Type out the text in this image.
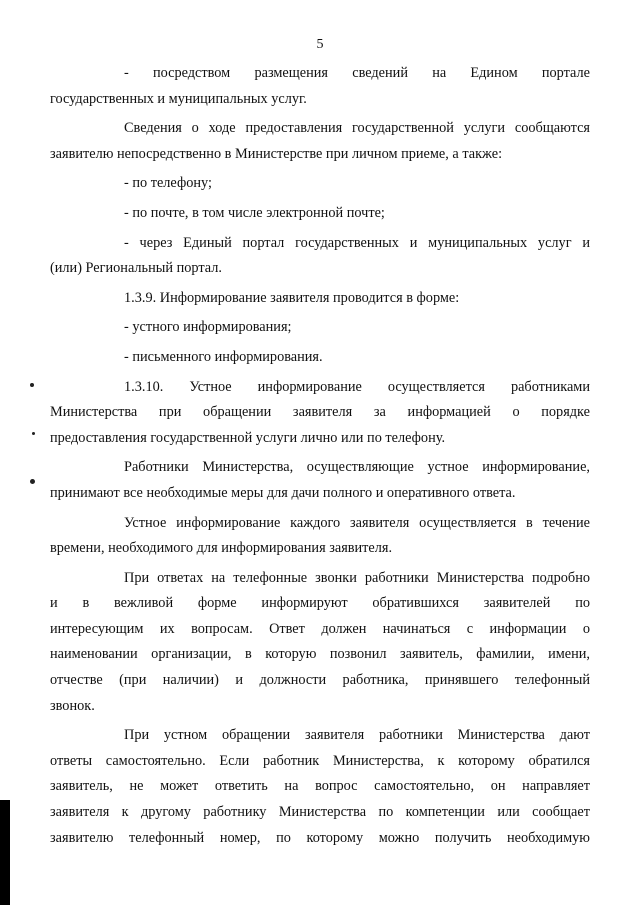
5
- посредством размещения сведений на Едином портале
государственных и муниципальных услуг.
Сведения о ходе предоставления государственной услуги сообщаются
заявителю непосредственно в Министерстве при личном приеме, а также:
- по телефону;
- по почте, в том числе электронной почте;
- через Единый портал государственных и муниципальных услуг и
(или) Региональный портал.
1.3.9. Информирование заявителя проводится в форме:
- устного информирования;
- письменного информирования.
1.3.10. Устное информирование осуществляется работниками
Министерства при обращении заявителя за информацией о порядке
предоставления государственной услуги лично или по телефону.
Работники Министерства, осуществляющие устное информирование,
принимают все необходимые меры для дачи полного и оперативного ответа.
Устное информирование каждого заявителя осуществляется в течение
времени, необходимого для информирования заявителя.
При ответах на телефонные звонки работники Министерства подробно
и в вежливой форме информируют обратившихся заявителей по
интересующим их вопросам. Ответ должен начинаться с информации о
наименовании организации, в которую позвонил заявитель, фамилии, имени,
отчестве (при наличии) и должности работника, принявшего телефонный
звонок.
При устном обращении заявителя работники Министерства дают
ответы самостоятельно. Если работник Министерства, к которому обратился
заявитель, не может ответить на вопрос самостоятельно, он направляет
заявителя к другому работнику Министерства по компетенции или сообщает
заявителю телефонный номер, по которому можно получить необходимую
